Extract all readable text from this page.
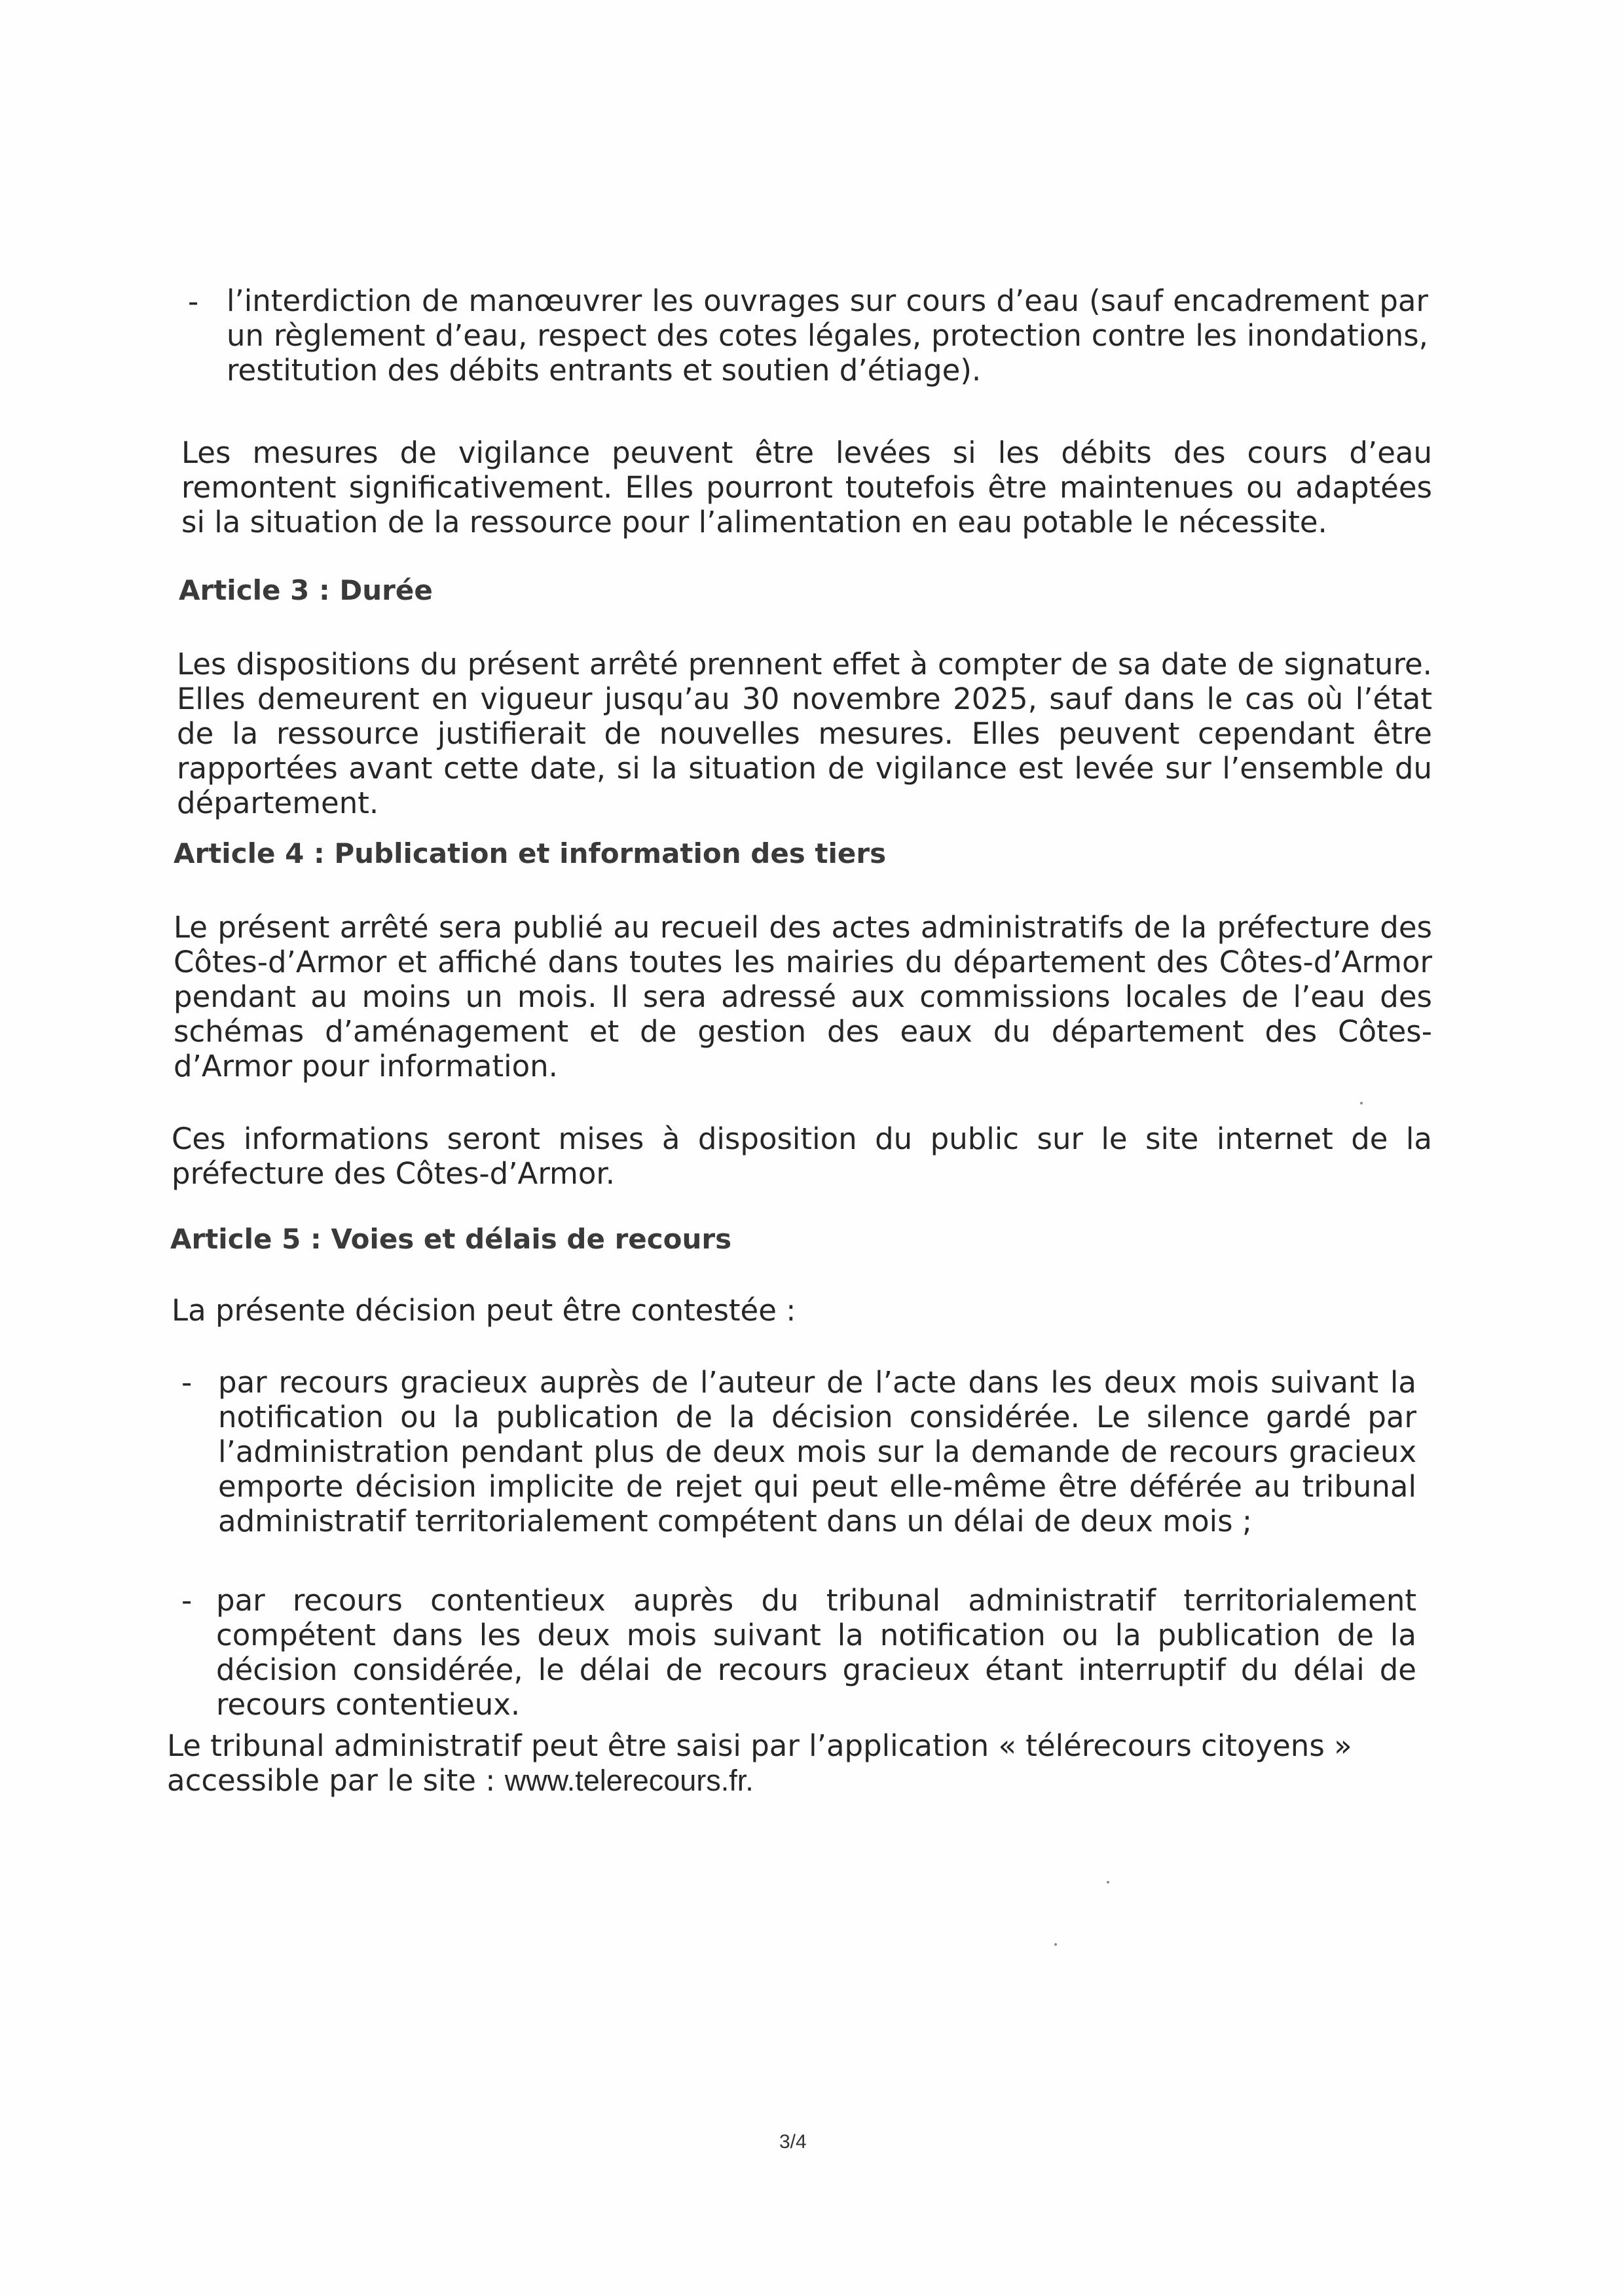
- l’interdiction de manœuvrer les ouvrages sur cours d’eau (sauf encadrement par un règlement d’eau, respect des cotes légales, protection contre les inondations, restitution des débits entrants et soutien d’étiage).

Les mesures de vigilance peuvent être levées si les débits des cours d’eau remontent significativement. Elles pourront toutefois être maintenues ou adaptées si la situation de la ressource pour l’alimentation en eau potable le nécessite.

Article 3 : Durée

Les dispositions du présent arrêté prennent effet à compter de sa date de signature. Elles demeurent en vigueur jusqu’au 30 novembre 2025, sauf dans le cas où l’état de la ressource justifierait de nouvelles mesures. Elles peuvent cependant être rapportées avant cette date, si la situation de vigilance est levée sur l’ensemble du département.

Article 4 : Publication et information des tiers

Le présent arrêté sera publié au recueil des actes administratifs de la préfecture des Côtes-d’Armor et affiché dans toutes les mairies du département des Côtes-d’Armor pendant au moins un mois. Il sera adressé aux commissions locales de l’eau des schémas d’aménagement et de gestion des eaux du département des Côtes-d’Armor pour information.

Ces informations seront mises à disposition du public sur le site internet de la préfecture des Côtes-d’Armor.

Article 5 : Voies et délais de recours

La présente décision peut être contestée :

- par recours gracieux auprès de l’auteur de l’acte dans les deux mois suivant la notification ou la publication de la décision considérée. Le silence gardé par l’administration pendant plus de deux mois sur la demande de recours gracieux emporte décision implicite de rejet qui peut elle-même être déférée au tribunal administratif territorialement compétent dans un délai de deux mois ;

- par recours contentieux auprès du tribunal administratif territorialement compétent dans les deux mois suivant la notification ou la publication de la décision considérée, le délai de recours gracieux étant interruptif du délai de recours contentieux.

Le tribunal administratif peut être saisi par l’application « télérecours citoyens » accessible par le site : www.telerecours.fr.

3/4
